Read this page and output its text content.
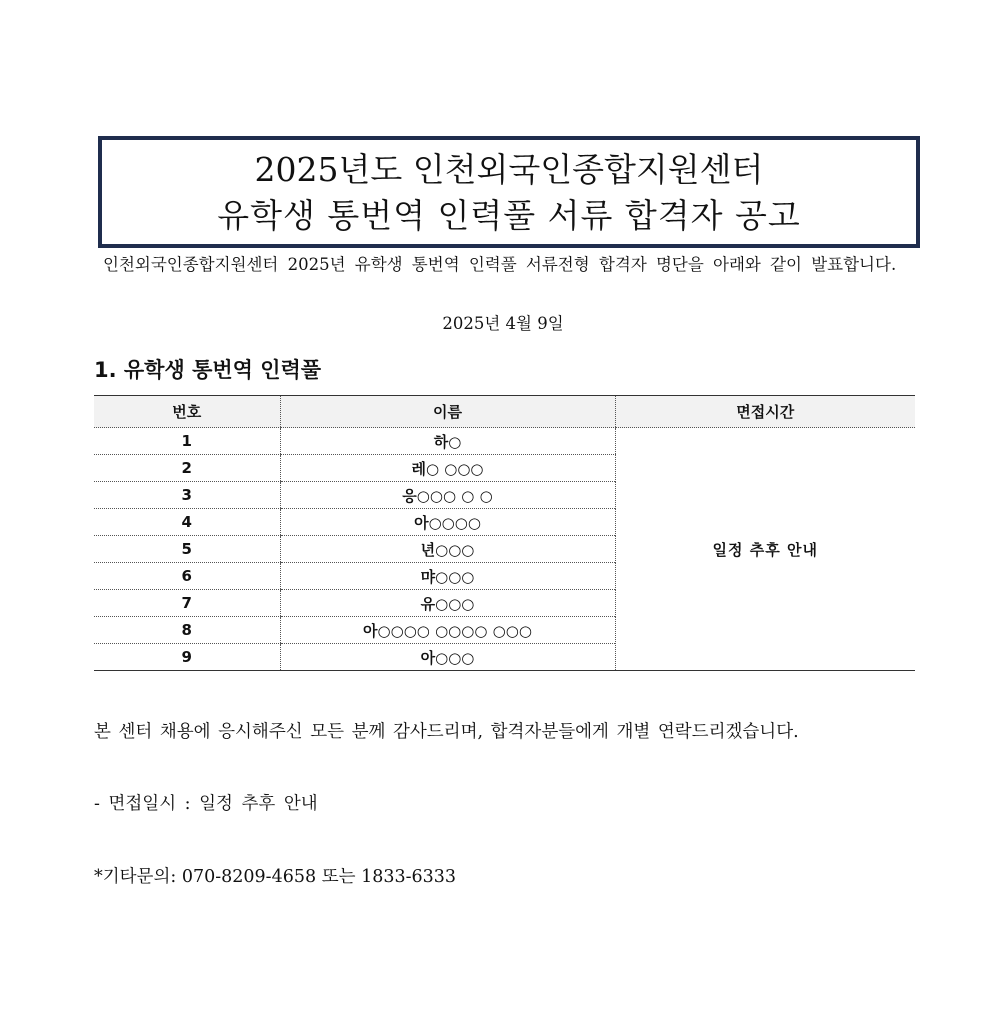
2025년도 인천외국인종합지원센터
유학생 통번역 인력풀 서류 합격자 공고
인천외국인종합지원센터 2025년 유학생 통번역 인력풀 서류전형 합격자 명단을 아래와 같이 발표합니다.
2025년 4월 9일
1. 유학생 통번역 인력풀
번호	이름	면접시간
1	하○	일정 추후 안내
2	레○ ○○○	
3	응○○○ ○ ○	
4	아○○○○	
5	년○○○	
6	먀○○○	
7	유○○○	
8	아○○○○ ○○○○ ○○○	
9	아○○○	
본 센터 채용에 응시해주신 모든 분께 감사드리며, 합격자분들에게 개별 연락드리겠습니다.
- 면접일시 : 일정 추후 안내
*기타문의: 070-8209-4658 또는 1833-6333
